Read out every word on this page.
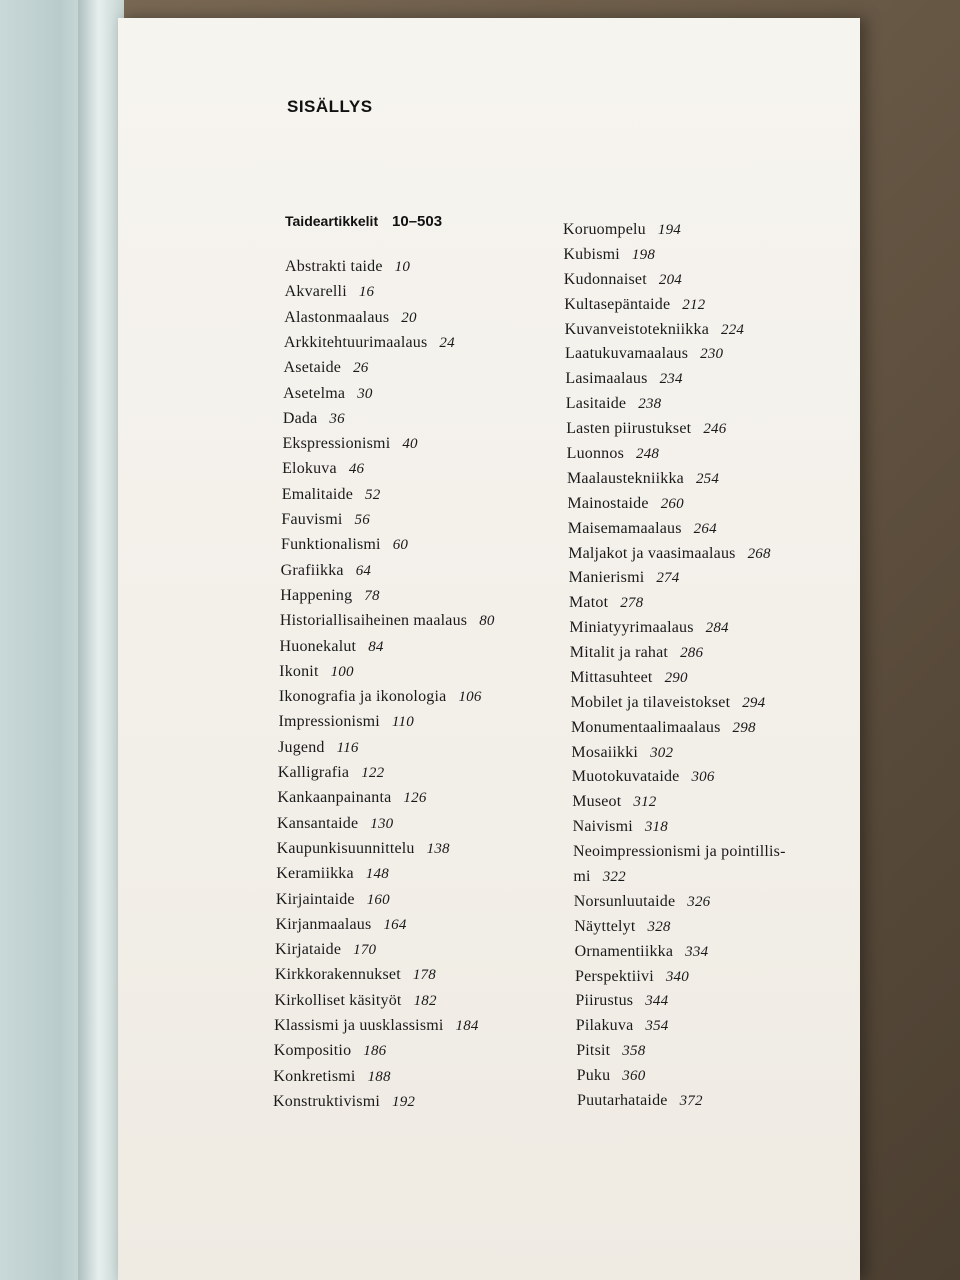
SISÄLLYS
Taideartikkelit 10–503
Abstrakti taide 10
Akvarelli 16
Alastonmaalaus 20
Arkkitehtuurimaalaus 24
Asetaide 26
Asetelma 30
Dada 36
Ekspressionismi 40
Elokuva 46
Emalitaide 52
Fauvismi 56
Funktionalismi 60
Grafiikka 64
Happening 78
Historiallisaiheinen maalaus 80
Huonekalut 84
Ikonit 100
Ikonografia ja ikonologia 106
Impressionismi 110
Jugend 116
Kalligrafia 122
Kankaanpainanta 126
Kansantaide 130
Kaupunkisuunnittelu 138
Keramiikka 148
Kirjaintaide 160
Kirjanmaalaus 164
Kirjataide 170
Kirkkorakennukset 178
Kirkolliset käsityöt 182
Klassismi ja uusklassismi 184
Kompositio 186
Konkretismi 188
Konstruktivismi 192
Koruompelu 194
Kubismi 198
Kudonnaiset 204
Kultasepäntaide 212
Kuvanveistotekniikka 224
Laatukuvamaalaus 230
Lasimaalaus 234
Lasitaide 238
Lasten piirustukset 246
Luonnos 248
Maalaustekniikka 254
Mainostaide 260
Maisemamaalaus 264
Maljakot ja vaasimaalaus 268
Manierismi 274
Matot 278
Miniatyyrimaalaus 284
Mitalit ja rahat 286
Mittasuhteet 290
Mobilet ja tilaveistokset 294
Monumentaalimaalaus 298
Mosaiikki 302
Muotokuvataide 306
Museot 312
Naivismi 318
Neoimpressionismi ja pointillis-
mi 322
Norsunluutaide 326
Näyttelyt 328
Ornamentiikka 334
Perspektiivi 340
Piirustus 344
Pilakuva 354
Pitsit 358
Puku 360
Puutarhataide 372
